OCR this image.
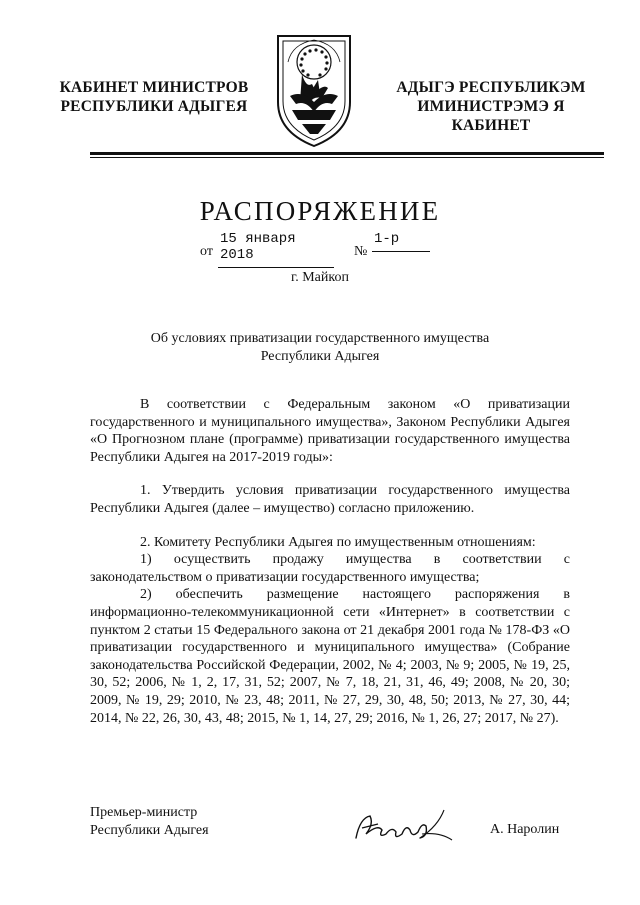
КАБИНЕТ МИНИСТРОВ
РЕСПУБЛИКИ АДЫГЕЯ
АДЫГЭ РЕСПУБЛИКЭМ
ИМИНИСТРЭМЭ Я КАБИНЕТ
РАСПОРЯЖЕНИЕ
от
15 января 2018	№
1-р
г. Майкоп
Об условиях приватизации государственного имущества
Республики Адыгея

В соответствии с Федеральным законом «О приватизации государственного и муниципального имущества», Законом Республики Адыгея «О Прогнозном плане (программе) приватизации государственного имущества Республики Адыгея на 2017-2019 годы»:

1. Утвердить условия приватизации государственного имущества Республики Адыгея (далее – имущество) согласно приложению.

2. Комитету Республики Адыгея по имущественным отношениям:

1) осуществить продажу имущества в соответствии с законодательством о приватизации государственного имущества;

2) обеспечить размещение настоящего распоряжения в информационно-телекоммуникационной сети «Интернет» в соответствии с пунктом 2 статьи 15 Федерального закона от 21 декабря 2001 года № 178-ФЗ «О приватизации государственного и муниципального имущества» (Собрание законодательства Российской Федерации, 2002, № 4; 2003, № 9; 2005, № 19, 25, 30, 52; 2006, № 1, 2, 17, 31, 52; 2007, № 7, 18, 21, 31, 46, 49; 2008, № 20, 30; 2009, № 19, 29; 2010, № 23, 48; 2011, № 27, 29, 30, 48, 50; 2013, № 27, 30, 44; 2014, № 22, 26, 30, 43, 48; 2015, № 1, 14, 27, 29; 2016, № 1, 26, 27; 2017, № 27).

Премьер-министр
Республики Адыгея	А. Наролин
